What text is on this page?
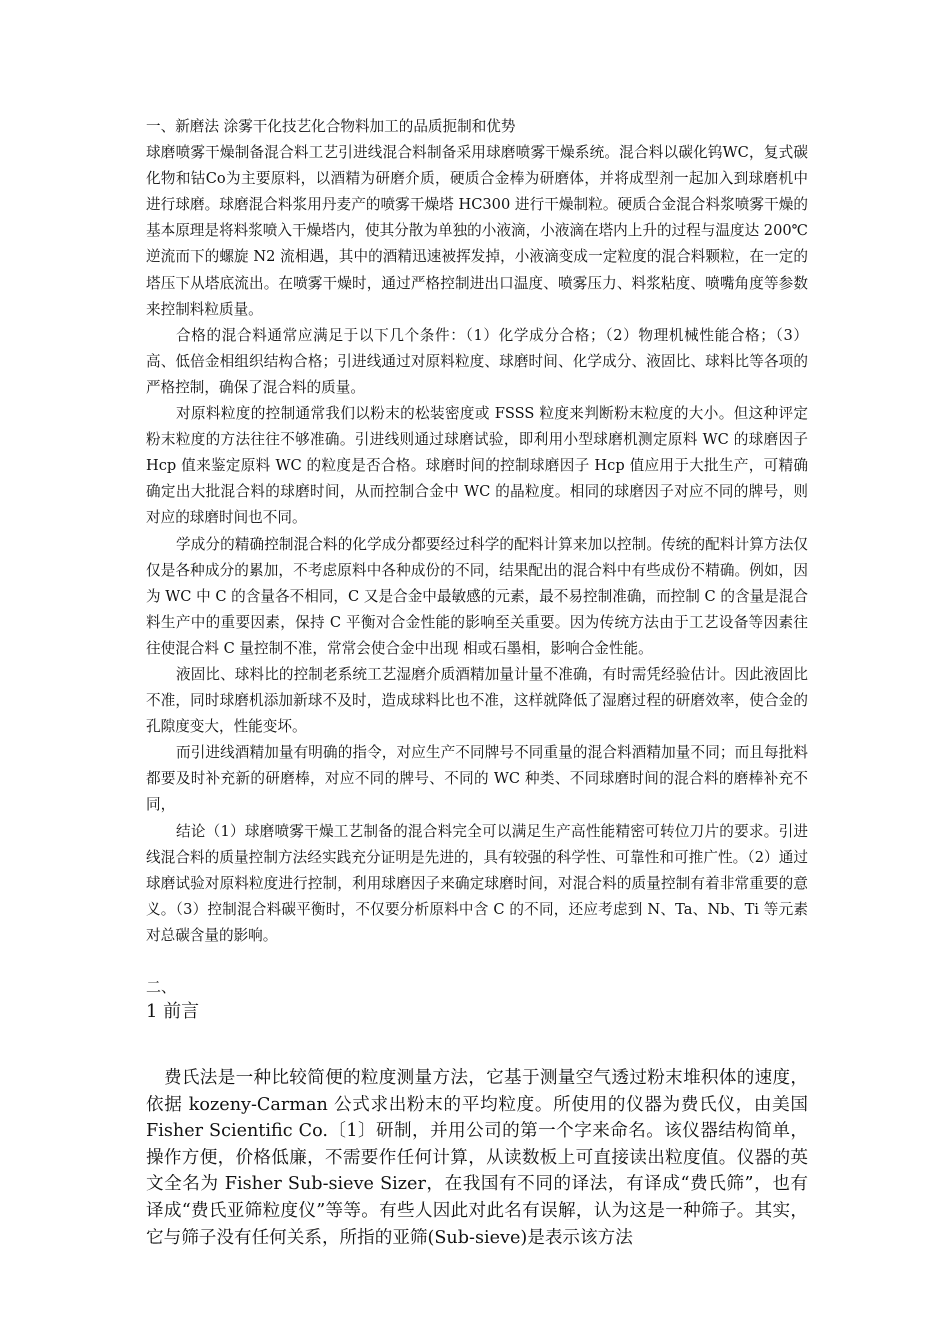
一、新磨法 涂雾干化技艺化合物料加工的品质扼制和优势

球磨喷雾干燥制备混合料工艺引进线混合料制备采用球磨喷雾干燥系统。混合料以碳化钨WC，复式碳化物和钴Co为主要原料，以酒精为研磨介质，硬质合金棒为研磨体，并将成型剂一起加入到球磨机中进行球磨。球磨混合料浆用丹麦产的喷雾干燥塔 HC300 进行干燥制粒。硬质合金混合料浆喷雾干燥的基本原理是将料浆喷入干燥塔内，使其分散为单独的小液滴，小液滴在塔内上升的过程与温度达 200℃逆流而下的螺旋 N2 流相遇，其中的酒精迅速被挥发掉，小液滴变成一定粒度的混合料颗粒，在一定的塔压下从塔底流出。在喷雾干燥时，通过严格控制进出口温度、喷雾压力、料浆粘度、喷嘴角度等参数来控制料粒质量。

合格的混合料通常应满足于以下几个条件：（1）化学成分合格；（2）物理机械性能合格；（3）高、低倍金相组织结构合格；引进线通过对原料粒度、球磨时间、化学成分、液固比、球料比等各项的严格控制，确保了混合料的质量。

对原料粒度的控制通常我们以粉末的松装密度或 FSSS 粒度来判断粉末粒度的大小。但这种评定粉末粒度的方法往往不够准确。引进线则通过球磨试验，即利用小型球磨机测定原料 WC 的球磨因子 Hcp 值来鉴定原料 WC 的粒度是否合格。球磨时间的控制球磨因子 Hcp 值应用于大批生产，可精确确定出大批混合料的球磨时间，从而控制合金中 WC 的晶粒度。相同的球磨因子对应不同的牌号，则对应的球磨时间也不同。

学成分的精确控制混合料的化学成分都要经过科学的配料计算来加以控制。传统的配料计算方法仅仅是各种成分的累加，不考虑原料中各种成份的不同，结果配出的混合料中有些成份不精确。例如，因为 WC 中 C 的含量各不相同，C 又是合金中最敏感的元素，最不易控制准确，而控制 C 的含量是混合料生产中的重要因素，保持 C 平衡对合金性能的影响至关重要。因为传统方法由于工艺设备等因素往往使混合料 C 量控制不准，常常会使合金中出现 相或石墨相，影响合金性能。

液固比、球料比的控制老系统工艺湿磨介质酒精加量计量不准确，有时需凭经验估计。因此液固比不准，同时球磨机添加新球不及时，造成球料比也不准，这样就降低了湿磨过程的研磨效率，使合金的孔隙度变大，性能变坏。

而引进线酒精加量有明确的指令，对应生产不同牌号不同重量的混合料酒精加量不同；而且每批料都要及时补充新的研磨棒，对应不同的牌号、不同的 WC 种类、不同球磨时间的混合料的磨棒补充不同，

结论（1）球磨喷雾干燥工艺制备的混合料完全可以满足生产高性能精密可转位刀片的要求。引进线混合料的质量控制方法经实践充分证明是先进的，具有较强的科学性、可靠性和可推广性。（2）通过球磨试验对原料粒度进行控制，利用球磨因子来确定球磨时间，对混合料的质量控制有着非常重要的意义。（3）控制混合料碳平衡时，不仅要分析原料中含 C 的不同，还应考虑到 N、Ta、Nb、Ti 等元素对总碳含量的影响。

二、

1 前言

费氏法是一种比较简便的粒度测量方法，它基于测量空气透过粉末堆积体的速度，依据 kozeny-Carman 公式求出粉末的平均粒度。所使用的仪器为费氏仪，由美国 Fisher Scientific Co.〔1〕研制，并用公司的第一个字来命名。该仪器结构简单，操作方便，价格低廉，不需要作任何计算，从读数板上可直接读出粒度值。仪器的英文全名为 Fisher Sub-sieve Sizer，在我国有不同的译法，有译成“费氏筛”，也有译成“费氏亚筛粒度仪”等等。有些人因此对此名有误解，认为这是一种筛子。其实，它与筛子没有任何关系，所指的亚筛(Sub-sieve)是表示该方法
